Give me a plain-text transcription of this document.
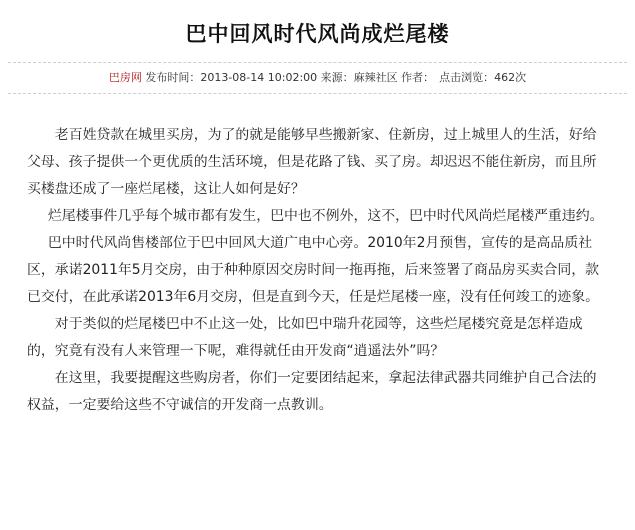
巴中回风时代风尚成烂尾楼
巴房网 发布时间：2013-08-14 10:02:00 来源：麻辣社区 作者： 点击浏览：462次

老百姓贷款在城里买房，为了的就是能够早些搬新家、住新房，过上城里人的生活，好给父母、孩子提供一个更优质的生活环境，但是花路了钱、买了房。却迟迟不能住新房，而且所买楼盘还成了一座烂尾楼，这让人如何是好？

烂尾楼事件几乎每个城市都有发生，巴中也不例外，这不，巴中时代风尚烂尾楼严重违约。

巴中时代风尚售楼部位于巴中回风大道广电中心旁。2010年2月预售，宣传的是高品质社区，承诺2011年5月交房，由于种种原因交房时间一拖再拖，后来签署了商品房买卖合同，款已交付，在此承诺2013年6月交房，但是直到今天，任是烂尾楼一座，没有任何竣工的迹象。

对于类似的烂尾楼巴中不止这一处，比如巴中瑞升花园等，这些烂尾楼究竟是怎样造成的，究竟有没有人来管理一下呢，难得就任由开发商“逍遥法外”吗？

在这里，我要提醒这些购房者，你们一定要团结起来，拿起法律武器共同维护自己合法的权益，一定要给这些不守诚信的开发商一点教训。
